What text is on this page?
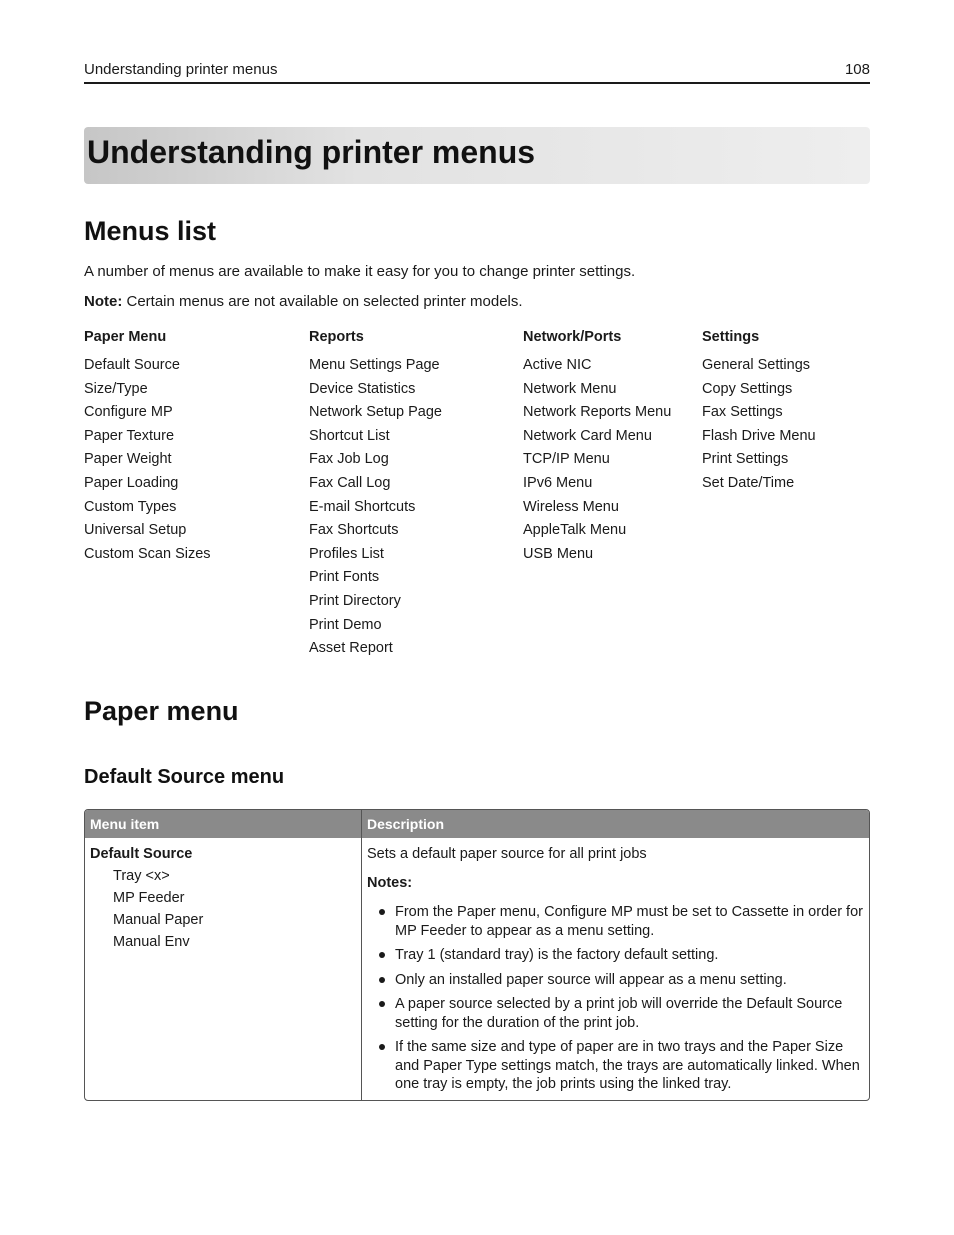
Understanding printer menus	108
Understanding printer menus
Menus list
A number of menus are available to make it easy for you to change printer settings.
Note: Certain menus are not available on selected printer models.
Paper Menu
Default Source
Size/Type
Configure MP
Paper Texture
Paper Weight
Paper Loading
Custom Types
Universal Setup
Custom Scan Sizes
Reports
Menu Settings Page
Device Statistics
Network Setup Page
Shortcut List
Fax Job Log
Fax Call Log
E-mail Shortcuts
Fax Shortcuts
Profiles List
Print Fonts
Print Directory
Print Demo
Asset Report
Network/Ports
Active NIC
Network Menu
Network Reports Menu
Network Card Menu
TCP/IP Menu
IPv6 Menu
Wireless Menu
AppleTalk Menu
USB Menu
Settings
General Settings
Copy Settings
Fax Settings
Flash Drive Menu
Print Settings
Set Date/Time
Paper menu
Default Source menu
Menu item	Description
Default Source
Tray <x>
MP Feeder
Manual Paper
Manual Env
Sets a default paper source for all print jobs
Notes:
From the Paper menu, Configure MP must be set to Cassette in order for MP Feeder to appear as a menu setting.
Tray 1 (standard tray) is the factory default setting.
Only an installed paper source will appear as a menu setting.
A paper source selected by a print job will override the Default Source setting for the duration of the print job.
If the same size and type of paper are in two trays and the Paper Size and Paper Type settings match, the trays are automatically linked. When one tray is empty, the job prints using the linked tray.
